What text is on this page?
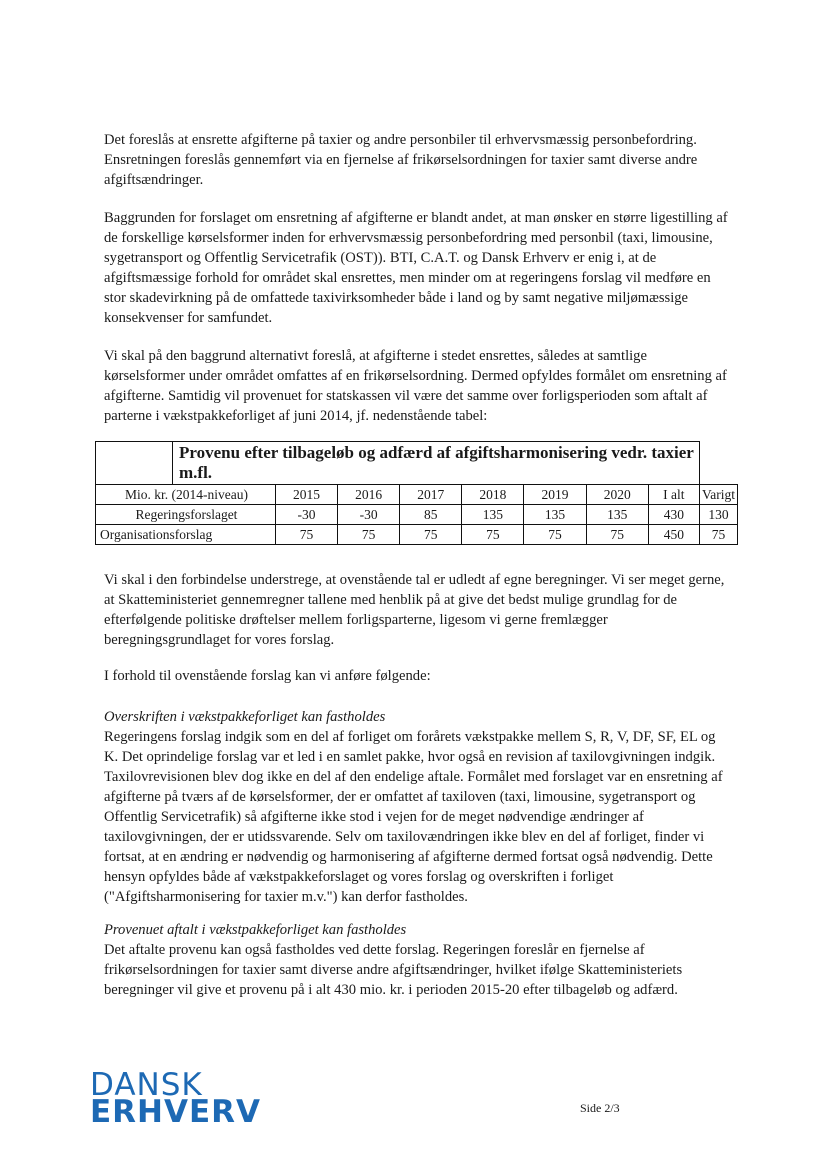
Det foreslås at ensrette afgifterne på taxier og andre personbiler til erhvervsmæssig personbefordring. Ensretningen foreslås gennemført via en fjernelse af frikørselsordningen for taxier samt diverse andre afgiftsændringer.

Baggrunden for forslaget om ensretning af afgifterne er blandt andet, at man ønsker en større ligestilling af de forskellige kørselsformer inden for erhvervsmæssig personbefordring med personbil (taxi, limousine, sygetransport og Offentlig Servicetrafik (OST)). BTI, C.A.T. og Dansk Erhverv er enig i, at de afgiftsmæssige forhold for området skal ensrettes, men minder om at regeringens forslag vil medføre en stor skadevirkning på de omfattede taxivirksomheder både i land og by samt negative miljømæssige konsekvenser for samfundet.

Vi skal på den baggrund alternativt foreslå, at afgifterne i stedet ensrettes, således at samtlige kørselsformer under området omfattes af en frikørselsordning. Dermed opfyldes formålet om ensretning af afgifterne. Samtidig vil provenuet for statskassen vil være det samme over forligsperioden som aftalt af parterne i vækstpakkeforliget af juni 2014, jf. nedenstående tabel:

	Provenu efter tilbageløb og adfærd af afgiftsharmonisering vedr. taxier m.fl.								
Mio. kr. (2014-niveau)		2015	2016	2017	2018	2019	2020	I alt	Varigt
Regeringsforslaget		-30	-30	85	135	135	135	430	130
Organisationsforslag		75	75	75	75	75	75	450	75

Vi skal i den forbindelse understrege, at ovenstående tal er udledt af egne beregninger. Vi ser meget gerne, at Skatteministeriet gennemregner tallene med henblik på at give det bedst mulige grundlag for de efterfølgende politiske drøftelser mellem forligsparterne, ligesom vi gerne fremlægger beregningsgrundlaget for vores forslag.

I forhold til ovenstående forslag kan vi anføre følgende:

Overskriften i vækstpakkeforliget kan fastholdes

Regeringens forslag indgik som en del af forliget om forårets vækstpakke mellem S, R, V, DF, SF, EL og K. Det oprindelige forslag var et led i en samlet pakke, hvor også en revision af taxilovgivningen indgik. Taxilovrevisionen blev dog ikke en del af den endelige aftale. Formålet med forslaget var en ensretning af afgifterne på tværs af de kørselsformer, der er omfattet af taxiloven (taxi, limousine, sygetransport og Offentlig Servicetrafik) så afgifterne ikke stod i vejen for de meget nødvendige ændringer af taxilovgivningen, der er utidssvarende. Selv om taxilovændringen ikke blev en del af forliget, finder vi fortsat, at en ændring er nødvendig og harmonisering af afgifterne dermed fortsat også nødvendig. Dette hensyn opfyldes både af vækstpakkeforslaget og vores forslag og overskriften i forliget ("Afgiftsharmonisering for taxier m.v.") kan derfor fastholdes.

Provenuet aftalt i vækstpakkeforliget kan fastholdes

Det aftalte provenu kan også fastholdes ved dette forslag. Regeringen foreslår en fjernelse af frikørselsordningen for taxier samt diverse andre afgiftsændringer, hvilket ifølge Skatteministeriets beregninger vil give et provenu på i alt 430 mio. kr. i perioden 2015-20 efter tilbageløb og adfærd.

DANSK
ERHVERV	Side 2/3
